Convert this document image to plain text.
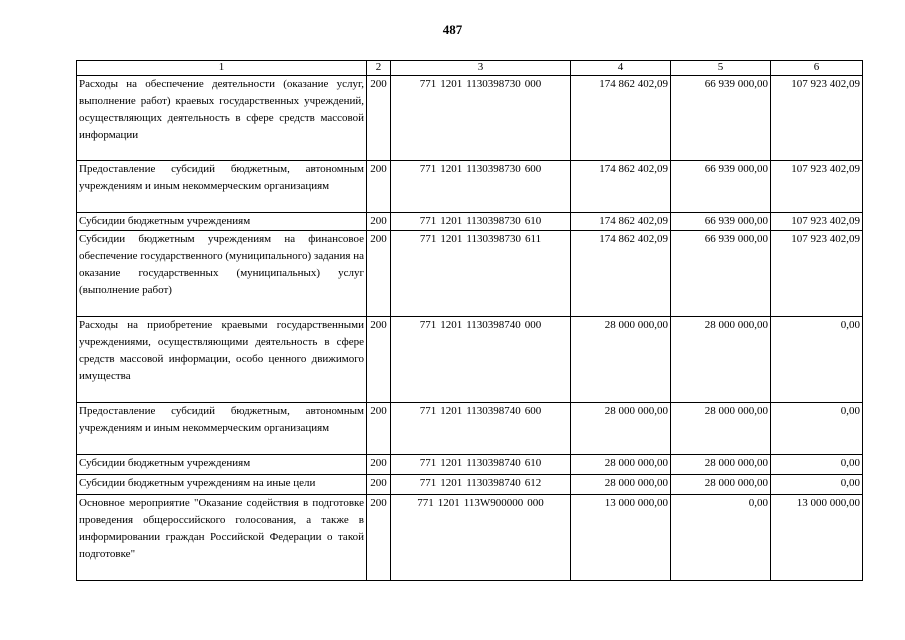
487
1	2	3	4	5	6
Расходы на обеспечение деятельности (оказание услуг, выполнение работ) краевых государственных учреждений, осуществляющих деятельность в сфере средств массовой информации	200	771 1201 1130398730 000	174 862 402,09	66 939 000,00	107 923 402,09
Предоставление субсидий бюджетным, автономным учреждениям и иным некоммерческим организациям	200	771 1201 1130398730 600	174 862 402,09	66 939 000,00	107 923 402,09
Субсидии бюджетным учреждениям	200	771 1201 1130398730 610	174 862 402,09	66 939 000,00	107 923 402,09
Субсидии бюджетным учреждениям на финансовое обеспечение государственного (муниципального) задания на оказание государственных (муниципальных) услуг (выполнение работ)	200	771 1201 1130398730 611	174 862 402,09	66 939 000,00	107 923 402,09
Расходы на приобретение краевыми государственными учреждениями, осуществляющими деятельность в сфере средств массовой информации, особо ценного движимого имущества	200	771 1201 1130398740 000	28 000 000,00	28 000 000,00	0,00
Предоставление субсидий бюджетным, автономным учреждениям и иным некоммерческим организациям	200	771 1201 1130398740 600	28 000 000,00	28 000 000,00	0,00
Субсидии бюджетным учреждениям	200	771 1201 1130398740 610	28 000 000,00	28 000 000,00	0,00
Субсидии бюджетным учреждениям на иные цели	200	771 1201 1130398740 612	28 000 000,00	28 000 000,00	0,00
Основное мероприятие "Оказание содействия в подготовке проведения общероссийского голосования, а также в информировании граждан Российской Федерации о такой подготовке"	200	771 1201 113W900000 000	13 000 000,00	0,00	13 000 000,00
